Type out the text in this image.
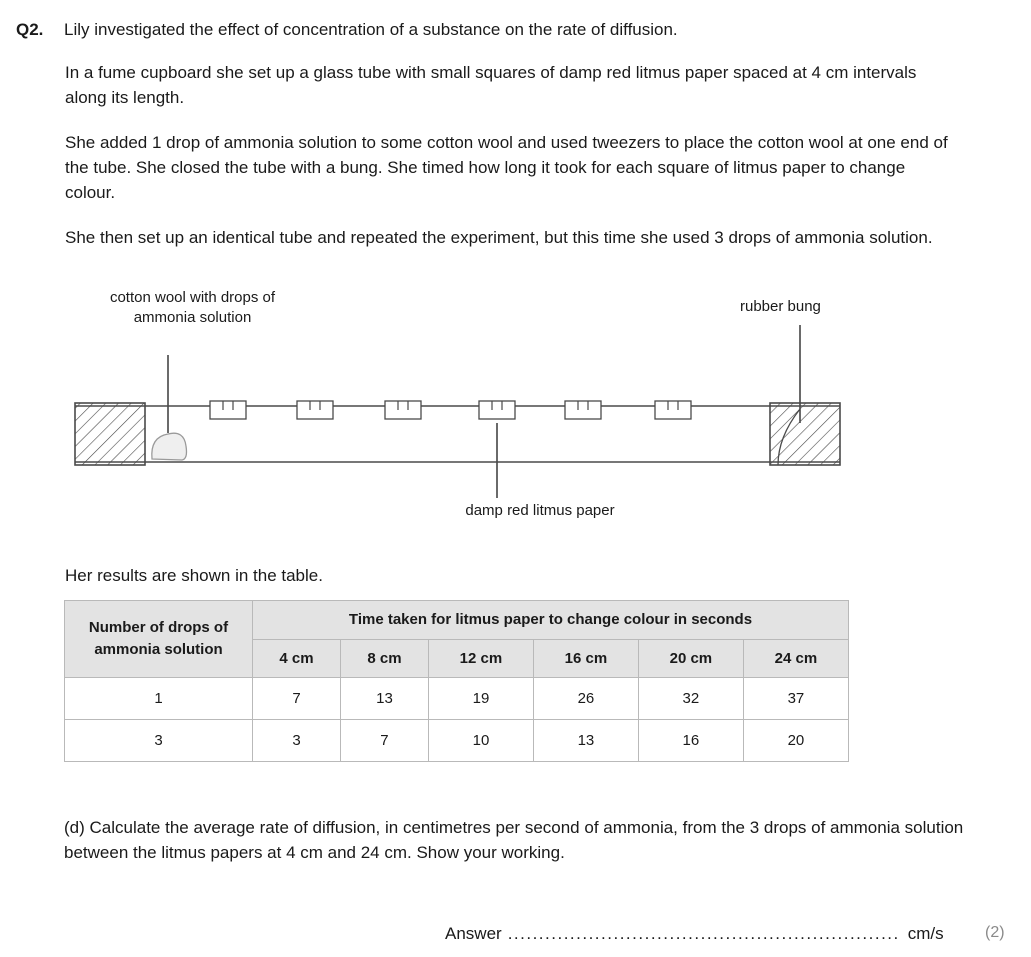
Q2.	Lily investigated the effect of concentration of a substance on the rate of diffusion.
In a fume cupboard she set up a glass tube with small squares of damp red litmus paper spaced at 4 cm intervals along its length.
She added 1 drop of ammonia solution to some cotton wool and used tweezers to place the cotton wool at one end of the tube. She closed the tube with a bung. She timed how long it took for each square of litmus paper to change colour.
She then set up an identical tube and repeated the experiment, but this time she used 3 drops of ammonia solution.
cotton wool with drops of ammonia solution
rubber bung
damp red litmus paper
Her results are shown in the table.
Number of drops of ammonia solution	Time taken for litmus paper to change colour in seconds					
	4 cm	8 cm	12 cm	16 cm	20 cm	24 cm
1	7	13	19	26	32	37
3	3	7	10	13	16	20
(d) Calculate the average rate of diffusion, in centimetres per second of ammonia, from the 3 drops of ammonia solution between the litmus papers at 4 cm and 24 cm. Show your working.
Answer ............................................................... cm/s	(2)
